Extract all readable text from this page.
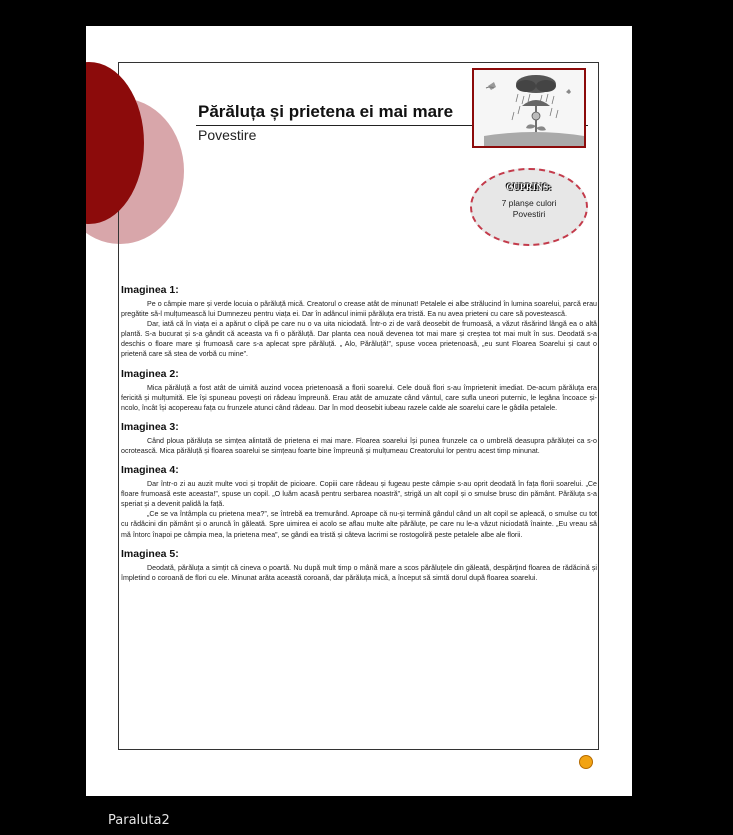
Părăluța și prietena ei mai mare
Povestire
CUPRINS:
7 planșe culori
Povestiri
Imaginea 1:

Pe o câmpie mare și verde locuia o părăluță mică. Creatorul o crease atât de minunat! Petalele ei albe strălucind în lumina soarelui, parcă erau pregătite să-l mulțumească lui Dumnezeu pentru viața ei. Dar în adâncul inimii părăluța era tristă. Ea nu avea prieteni cu care să povestească.

Dar, iată că în viața ei a apărut o clipă pe care nu o va uita niciodată. Într-o zi de vară deosebit de frumoasă, a văzut răsărind lângă ea o altă plantă. S-a bucurat și s-a gândit că aceasta va fi o părăluță. Dar planta cea nouă devenea tot mai mare și creștea tot mai mult în sus. Deodată s-a deschis o floare mare și frumoasă care s-a aplecat spre părăluță. „ Alo, Părăluță!”, spuse vocea prietenoasă, „eu sunt Floarea Soarelui și caut o prietenă care să stea de vorbă cu mine”.

Imaginea 2:

Mica părăluță a fost atât de uimită auzind vocea prietenoasă a florii soarelui. Cele două flori s-au împrietenit imediat. De-acum părăluța era fericită și mulțumită. Ele își spuneau povești ori râdeau împreună. Erau atât de amuzate când vântul, care sufla uneori puternic, le legăna încoace și-ncolo, încât își acopereau fața cu frunzele atunci când râdeau. Dar în mod deosebit iubeau razele calde ale soarelui care le gâdila petalele.

Imaginea 3:

Când ploua părăluța se simțea alintată de prietena ei mai mare. Floarea soarelui își punea frunzele ca o umbrelă deasupra părăluței ca s-o ocrotească. Mica părăluță și floarea soarelui se simțeau foarte bine împreună și mulțumeau Creatorului lor pentru acest timp minunat.

Imaginea 4:

Dar într-o zi au auzit multe voci și tropăit de picioare. Copiii care râdeau și fugeau peste câmpie s-au oprit deodată în fața florii soarelui. „Ce floare frumoasă este aceasta!”, spuse un copil. „O luăm acasă pentru serbarea noastră”, strigă un alt copil și o smulse brusc din pământ. Părăluța s-a speriat și a devenit palidă la față.

„Ce se va întâmpla cu prietena mea?”, se întrebă ea tremurând. Aproape că nu-și termină gândul când un alt copil se apleacă, o smulse cu tot cu rădăcini din pământ și o aruncă în găleată. Spre uimirea ei acolo se aflau multe alte părăluțe, pe care nu le-a văzut niciodată înainte. „Eu vreau să mă întorc înapoi pe câmpia mea, la prietena mea”, se gândi ea tristă și câteva lacrimi se rostogoliră peste petalele albe ale florii.

Imaginea 5:

Deodată, părăluța a simțit că cineva o poartă. Nu după mult timp o mână mare a scos părăluțele din găleată, despărțind floarea de rădăcină și împletind o coroană de flori cu ele. Minunat arăta această coroană, dar părăluța mică, a început să simtă dorul după floarea soarelui.

Paraluta2
